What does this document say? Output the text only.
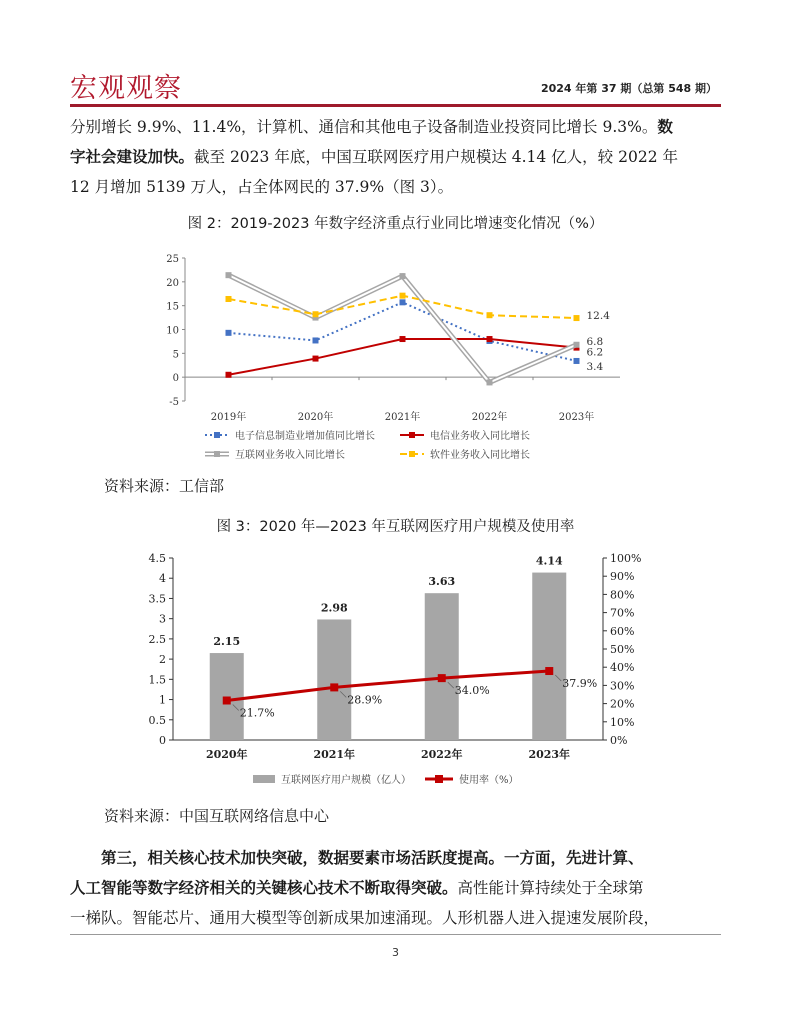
宏观观察	2024 年第 37 期（总第 548 期）

分别增长 9.9%、11.4%，计算机、通信和其他电子设备制造业投资同比增长 9.3%。数

字社会建设加快。截至 2023 年底，中国互联网医疗用户规模达 4.14 亿人，较 2022 年

12 月增加 5139 万人，占全体网民的 37.9%（图 3）。

图 2：2019-2023 年数字经济重点行业同比增速变化情况（%）
-5
0
5
10
15
20
25
2019年	2020年	2021年	2022年	2023年
3.4
6.2
6.8
12.4
电子信息制造业增加值同比增长	电信业务收入同比增长
互联网业务收入同比增长	软件业务收入同比增长
资料来源：工信部
图 3：2020 年—2023 年互联网医疗用户规模及使用率
0
0.5
1
1.5
2
2.5
3
3.5
4
4.5
0%
10%
20%
30%
40%
50%
60%
70%
80%
90%
100%
2.15
2.98
3.63
4.14
2020年	2021年	2022年	2023年
21.7%
28.9%
34.0%
37.9%
互联网医疗用户规模（亿人）	使用率（%）
资料来源：中国互联网络信息中心

第三，相关核心技术加快突破，数据要素市场活跃度提高。一方面，先进计算、

人工智能等数字经济相关的关键核心技术不断取得突破。高性能计算持续处于全球第

一梯队。智能芯片、通用大模型等创新成果加速涌现。人形机器人进入提速发展阶段，

3
